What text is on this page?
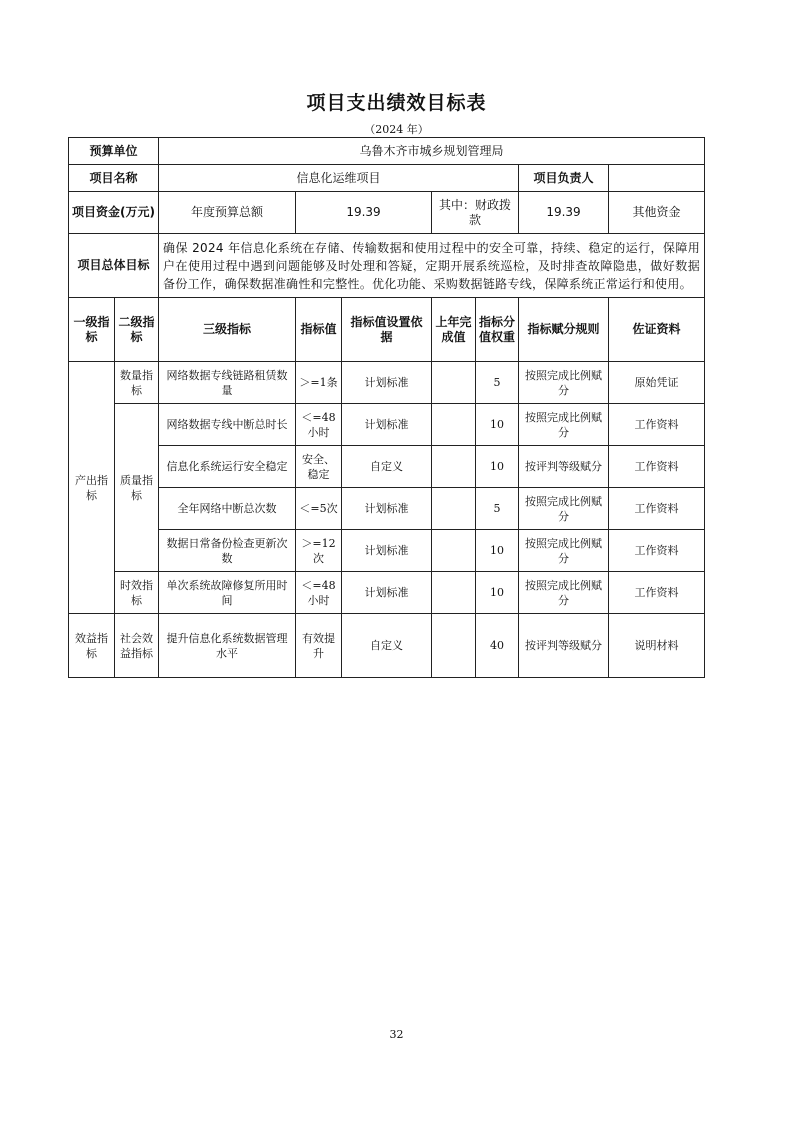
项目支出绩效目标表
（2024 年）
预算单位		乌鲁木齐市城乡规划管理局						
项目名称		信息化运维项目					项目负责人	
项目资金(万元)		年度预算总额	19.39		其中：财政拨款		19.39	其他资金
项目总体目标		确保 2024 年信息化系统在存储、传输数据和使用过程中的安全可靠，持续、稳定的运行，保障用户在使用过程中遇到问题能够及时处理和答疑，定期开展系统巡检，及时排查故障隐患，做好数据备份工作，确保数据准确性和完整性。优化功能、采购数据链路专线，保障系统正常运行和使用。						
一级指标	二级指标	三级指标	指标值	指标值设置依据	上年完成值	指标分值权重	指标赋分规则	佐证资料
产出指标	数量指标	网络数据专线链路租赁数量	＞=1条	计划标准		5	按照完成比例赋分	原始凭证
	质量指标	网络数据专线中断总时长	＜=48小时	计划标准		10	按照完成比例赋分	工作资料
		信息化系统运行安全稳定	安全、稳定	自定义		10	按评判等级赋分	工作资料
		全年网络中断总次数	＜=5次	计划标准		5	按照完成比例赋分	工作资料
		数据日常备份检查更新次数	＞=12次	计划标准		10	按照完成比例赋分	工作资料
	时效指标	单次系统故障修复所用时间	＜=48小时	计划标准		10	按照完成比例赋分	工作资料
效益指标	社会效益指标	提升信息化系统数据管理水平	有效提升	自定义		40	按评判等级赋分	说明材料
32
